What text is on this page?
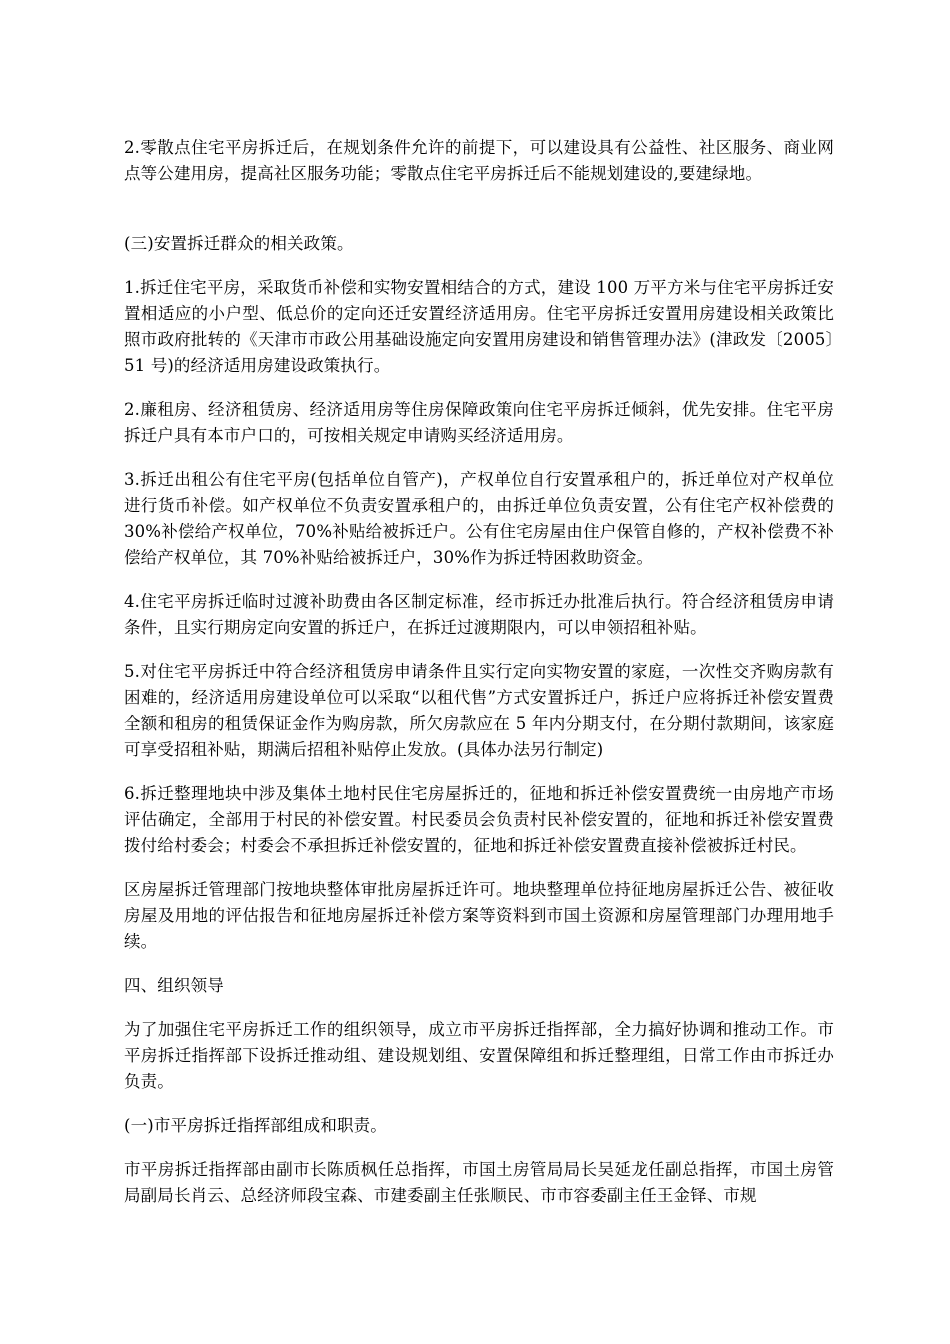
2.零散点住宅平房拆迁后，在规划条件允许的前提下，可以建设具有公益性、社区服务、商业网点等公建用房，提高社区服务功能；零散点住宅平房拆迁后不能规划建设的,要建绿地。

(三)安置拆迁群众的相关政策。

1.拆迁住宅平房，采取货币补偿和实物安置相结合的方式，建设 100 万平方米与住宅平房拆迁安置相适应的小户型、低总价的定向还迁安置经济适用房。住宅平房拆迁安置用房建设相关政策比照市政府批转的《天津市市政公用基础设施定向安置用房建设和销售管理办法》(津政发〔2005〕51 号)的经济适用房建设政策执行。

2.廉租房、经济租赁房、经济适用房等住房保障政策向住宅平房拆迁倾斜，优先安排。住宅平房拆迁户具有本市户口的，可按相关规定申请购买经济适用房。

3.拆迁出租公有住宅平房(包括单位自管产)，产权单位自行安置承租户的，拆迁单位对产权单位进行货币补偿。如产权单位不负责安置承租户的，由拆迁单位负责安置，公有住宅产权补偿费的 30%补偿给产权单位，70%补贴给被拆迁户。公有住宅房屋由住户保管自修的，产权补偿费不补偿给产权单位，其 70%补贴给被拆迁户，30%作为拆迁特困救助资金。

4.住宅平房拆迁临时过渡补助费由各区制定标准，经市拆迁办批准后执行。符合经济租赁房申请条件，且实行期房定向安置的拆迁户，在拆迁过渡期限内，可以申领招租补贴。

5.对住宅平房拆迁中符合经济租赁房申请条件且实行定向实物安置的家庭，一次性交齐购房款有困难的，经济适用房建设单位可以采取“以租代售”方式安置拆迁户，拆迁户应将拆迁补偿安置费全额和租房的租赁保证金作为购房款，所欠房款应在 5 年内分期支付，在分期付款期间，该家庭可享受招租补贴，期满后招租补贴停止发放。(具体办法另行制定)

6.拆迁整理地块中涉及集体土地村民住宅房屋拆迁的，征地和拆迁补偿安置费统一由房地产市场评估确定，全部用于村民的补偿安置。村民委员会负责村民补偿安置的，征地和拆迁补偿安置费拨付给村委会；村委会不承担拆迁补偿安置的，征地和拆迁补偿安置费直接补偿被拆迁村民。

区房屋拆迁管理部门按地块整体审批房屋拆迁许可。地块整理单位持征地房屋拆迁公告、被征收房屋及用地的评估报告和征地房屋拆迁补偿方案等资料到市国土资源和房屋管理部门办理用地手续。

四、组织领导

为了加强住宅平房拆迁工作的组织领导，成立市平房拆迁指挥部，全力搞好协调和推动工作。市平房拆迁指挥部下设拆迁推动组、建设规划组、安置保障组和拆迁整理组，日常工作由市拆迁办负责。

(一)市平房拆迁指挥部组成和职责。

市平房拆迁指挥部由副市长陈质枫任总指挥，市国土房管局局长吴延龙任副总指挥，市国土房管局副局长肖云、总经济师段宝森、市建委副主任张顺民、市市容委副主任王金铎、市规
